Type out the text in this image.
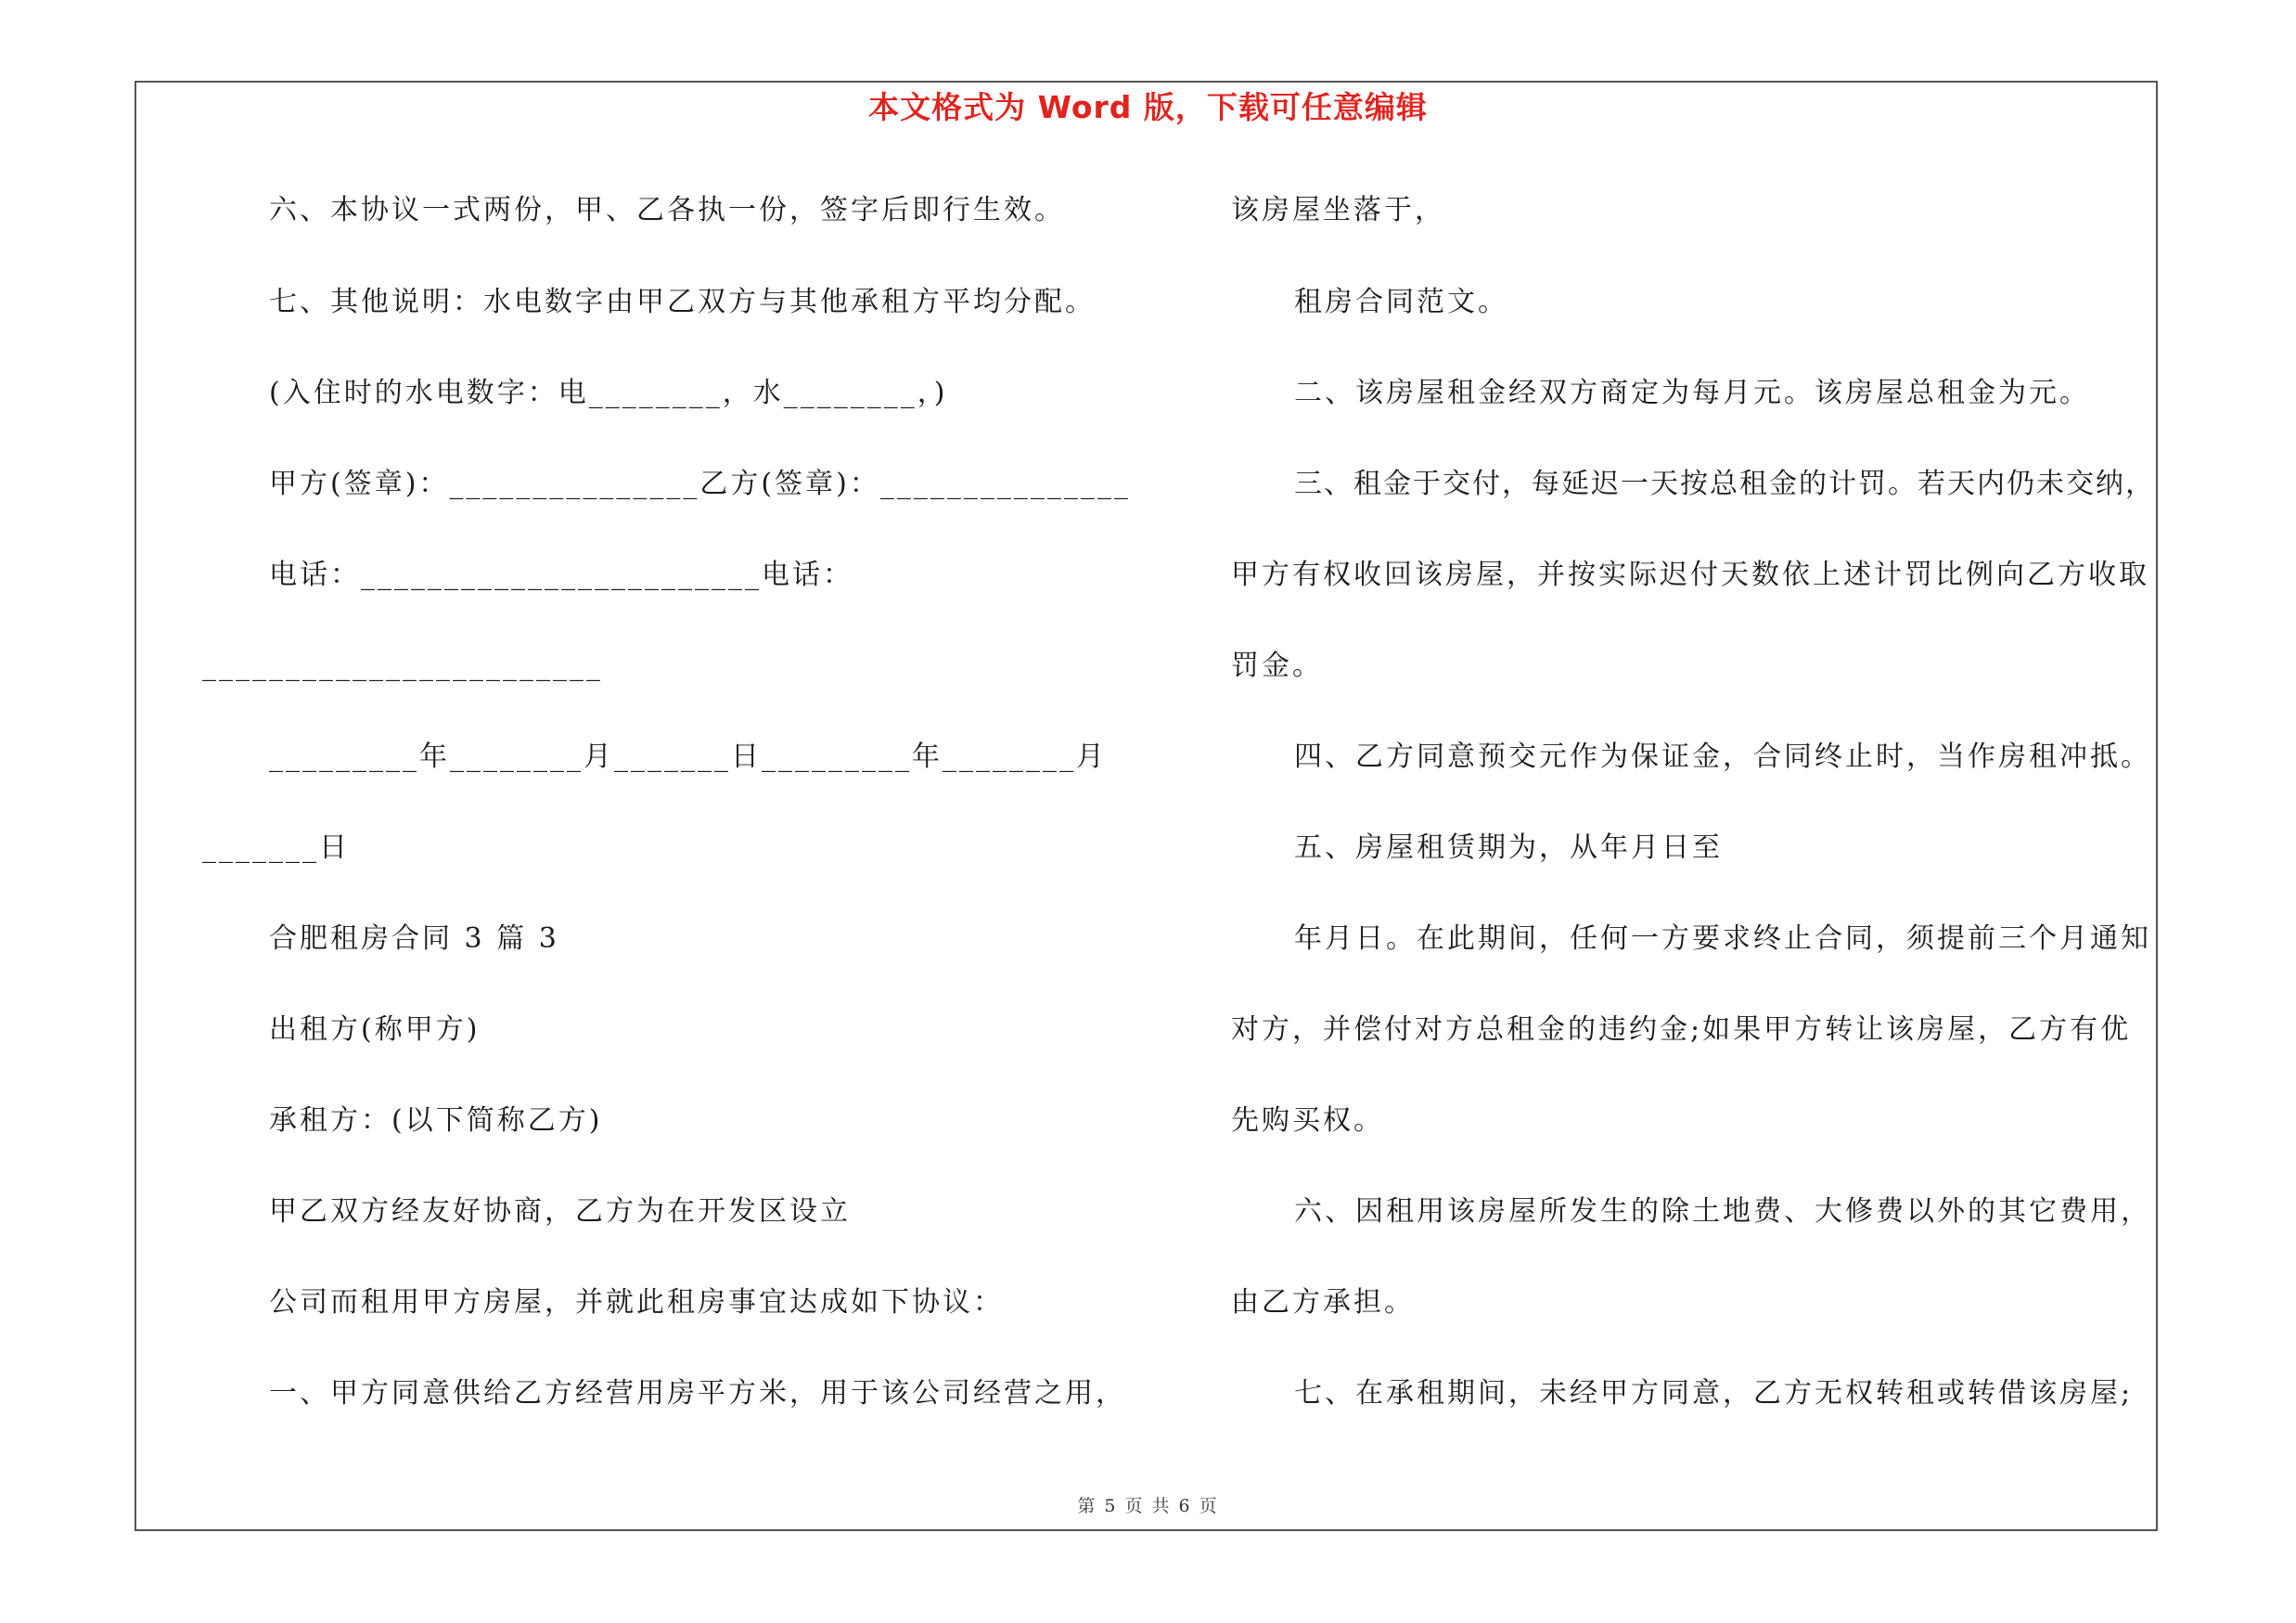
本文格式为 Word 版，下载可任意编辑
六、本协议一式两份，甲、乙各执一份，签字后即行生效。
七、其他说明：水电数字由甲乙双方与其他承租方平均分配。
(入住时的水电数字：电________，水________，)
甲方(签章)：_______________乙方(签章)：_______________
电话：________________________电话：
________________________
_________年________月_______日_________年________月
_______日
合肥租房合同 3 篇 3
出租方(称甲方)
承租方：(以下简称乙方)
甲乙双方经友好协商，乙方为在开发区设立
公司而租用甲方房屋，并就此租房事宜达成如下协议：
一、甲方同意供给乙方经营用房平方米，用于该公司经营之用，
该房屋坐落于，
租房合同范文。
二、该房屋租金经双方商定为每月元。该房屋总租金为元。
三、租金于交付，每延迟一天按总租金的计罚。若天内仍未交纳，
甲方有权收回该房屋，并按实际迟付天数依上述计罚比例向乙方收取
罚金。
四、乙方同意预交元作为保证金，合同终止时，当作房租冲抵。
五、房屋租赁期为，从年月日至
年月日。在此期间，任何一方要求终止合同，须提前三个月通知
对方，并偿付对方总租金的违约金;如果甲方转让该房屋，乙方有优
先购买权。
六、因租用该房屋所发生的除土地费、大修费以外的其它费用，
由乙方承担。
七、在承租期间，未经甲方同意，乙方无权转租或转借该房屋;
第 5 页 共 6 页
